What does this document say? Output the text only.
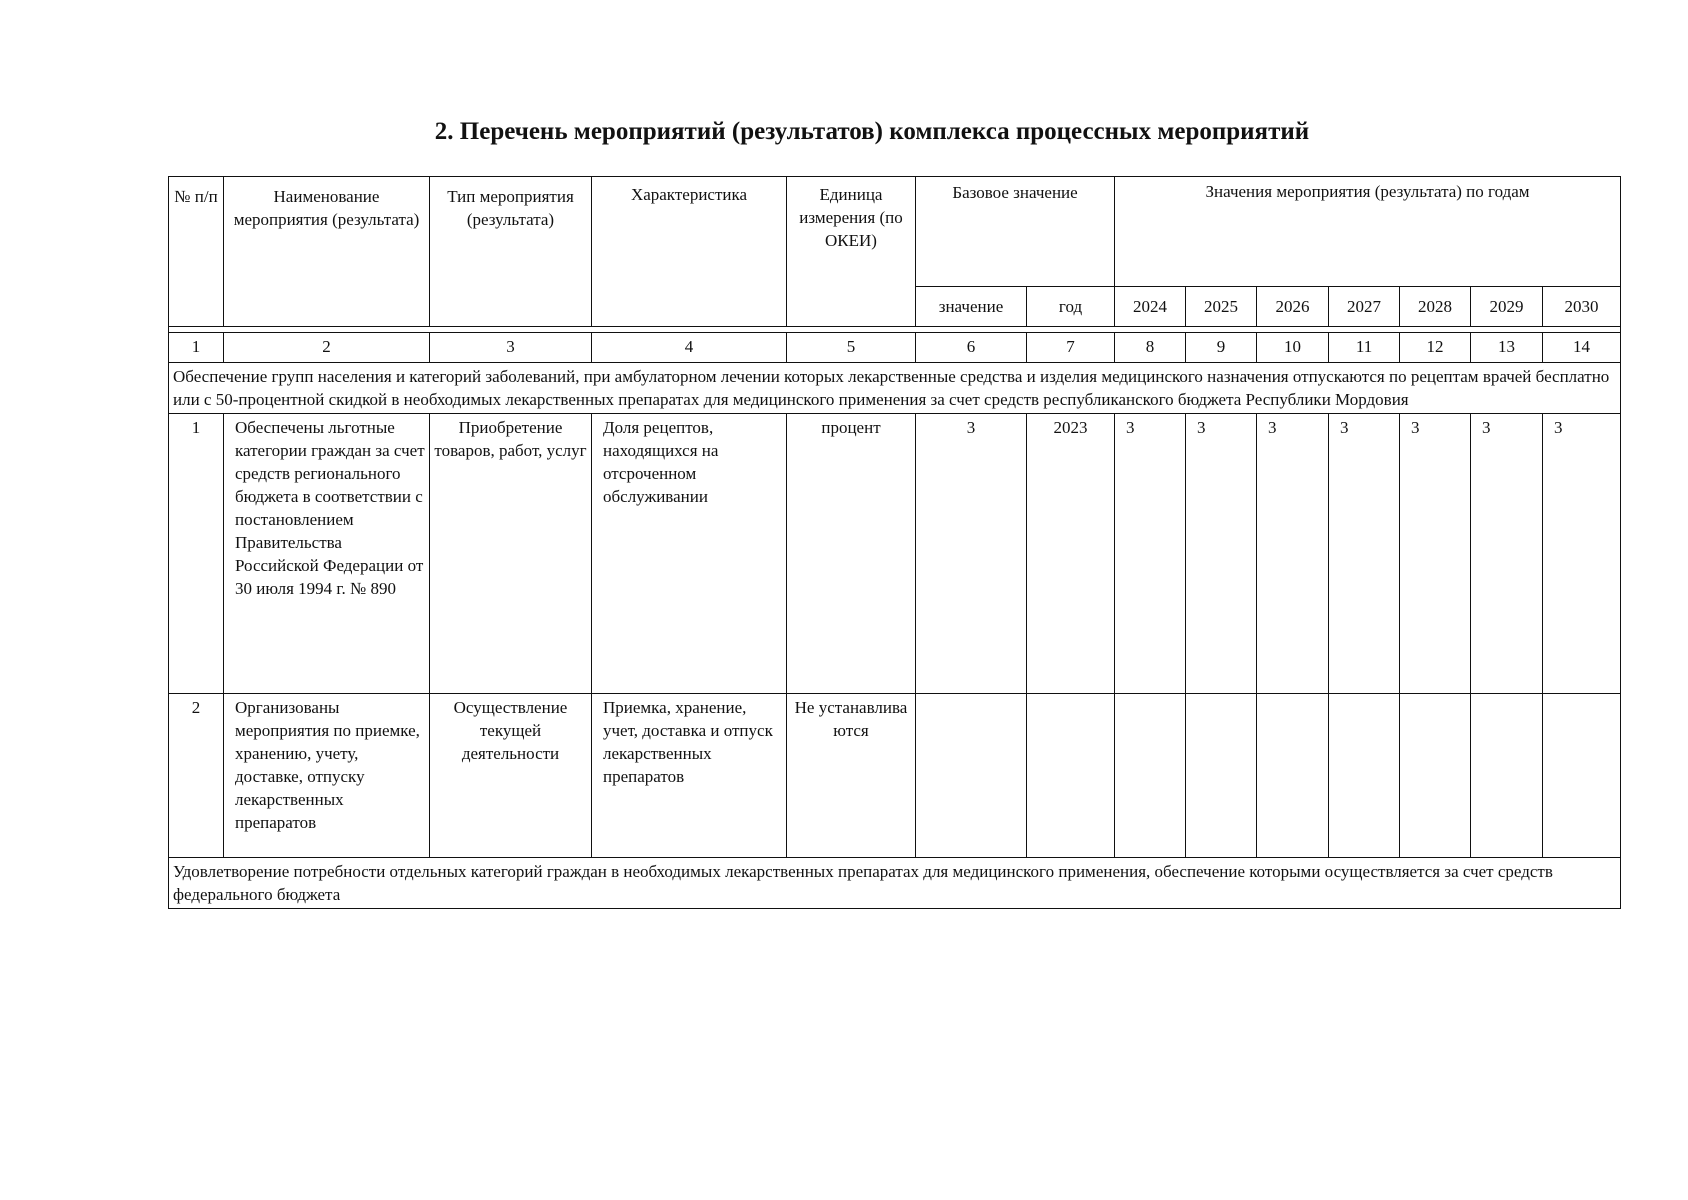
2. Перечень мероприятий (результатов) комплекса процессных мероприятий
№ п/п	Наименование мероприятия (результата)	Тип мероприятия (результата)	Характеристика	Единица измерения (по ОКЕИ)	Базовое значение		Значения мероприятия (результата) по годам						
					значение	год	2024	2025	2026	2027	2028	2029	2030

1	2	3	4	5	6	7	8	9	10	11	12	13	14
Обеспечение групп населения и категорий заболеваний, при амбулаторном лечении которых лекарственные средства и изделия медицинского назначения отпускаются по рецептам врачей бесплатно или с 50-процентной скидкой в необходимых лекарственных препаратах для медицинского применения за счет средств республиканского бюджета Республики Мордовия													
1	Обеспечены льготные категории граждан за счет средств регионального бюджета в соответствии с постановлением Правительства Российской Федерации от 30 июля 1994 г. № 890	Приобретение товаров, работ, услуг	Доля рецептов, находящихся на отсроченном обслуживании	процент	3	2023	3	3	3	3	3	3	3
2	Организованы мероприятия по приемке, хранению, учету, доставке, отпуску лекарственных препаратов	Осуществление текущей деятельности	Приемка, хранение, учет, доставка и отпуск лекарственных препаратов	Не устанавлива ются									
Удовлетворение потребности отдельных категорий граждан в необходимых лекарственных препаратах для медицинского применения, обеспечение которыми осуществляется за счет средств федерального бюджета													
